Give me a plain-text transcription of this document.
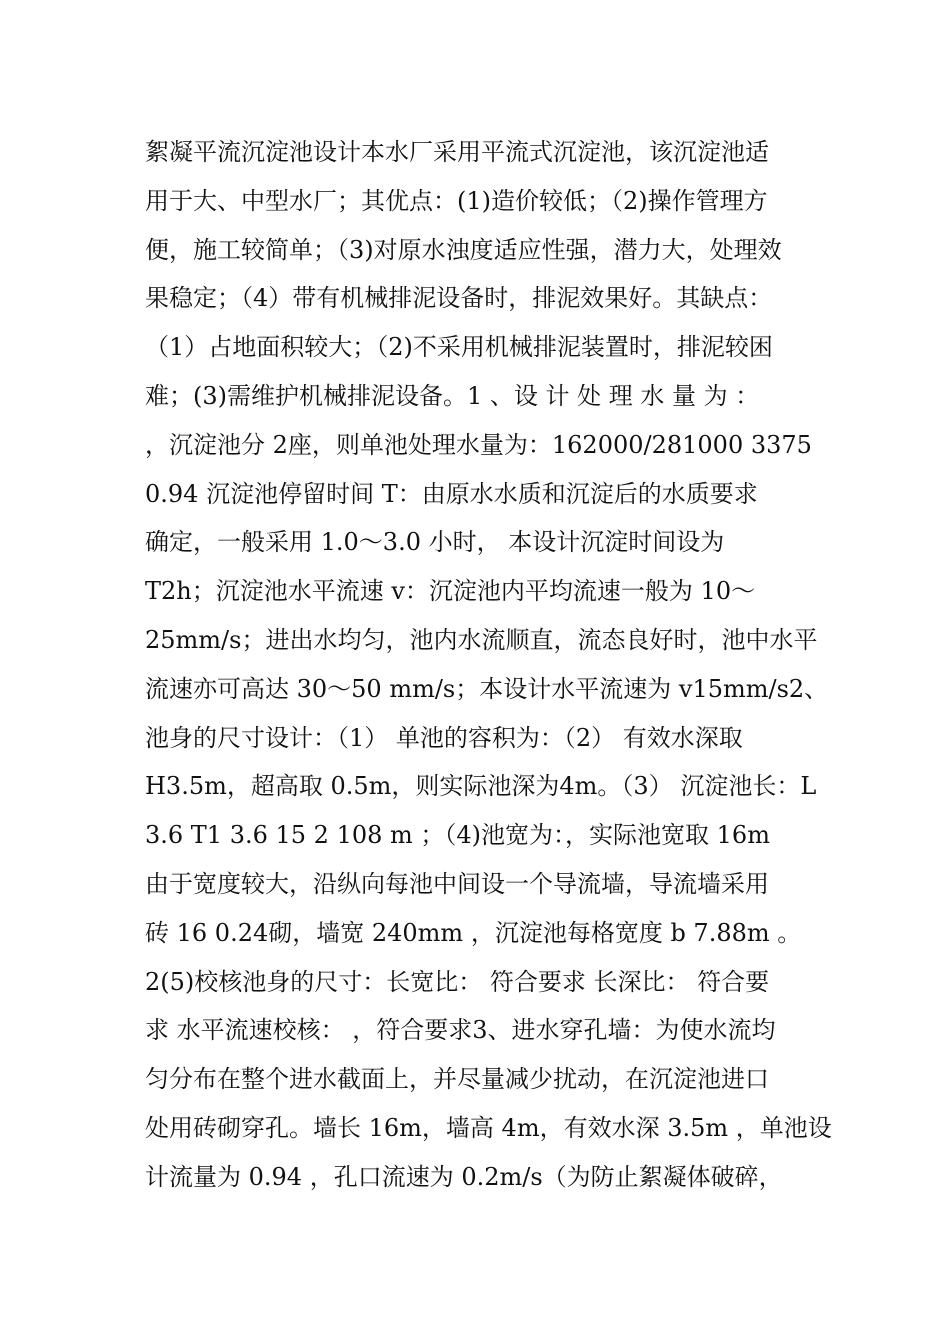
絮凝平流沉淀池设计本水厂采用平流式沉淀池，该沉淀池适
用于大、中型水厂；其优点：(1)造价较低；（2)操作管理方
便，施工较简单；（3)对原水浊度适应性强，潜力大，处理效
果稳定；（4）带有机械排泥设备时，排泥效果好。其缺点：
（1）占地面积较大；（2)不采用机械排泥装置时，排泥较困
难；(3)需维护机械排泥设备。1 、设 计 处 理 水 量 为 ：
，沉淀池分 2座，则单池处理水量为：162000/281000 3375
0.94 沉淀池停留时间 T：由原水水质和沉淀后的水质要求
确定，一般采用 1.0～3.0 小时， 本设计沉淀时间设为
T2h；沉淀池水平流速 v：沉淀池内平均流速一般为 10～
25mm/s；进出水均匀，池内水流顺直，流态良好时，池中水平
流速亦可高达 30～50 mm/s；本设计水平流速为 v15mm/s2、
池身的尺寸设计：（1） 单池的容积为：（2） 有效水深取
H3.5m，超高取 0.5m，则实际池深为4m。（3） 沉淀池长：L
3.6 T1 3.6 15 2 108 m ；（4)池宽为：，实际池宽取 16m
由于宽度较大，沿纵向每池中间设一个导流墙，导流墙采用
砖 16 0.24砌，墙宽 240mm ，沉淀池每格宽度 b 7.88m 。
2(5)校核池身的尺寸：长宽比： 符合要求 长深比： 符合要
求 水平流速校核： ，符合要求3、进水穿孔墙：为使水流均
匀分布在整个进水截面上，并尽量减少扰动，在沉淀池进口
处用砖砌穿孔。墙长 16m，墙高 4m，有效水深 3.5m ，单池设
计流量为 0.94 ，孔口流速为 0.2m/s（为防止絮凝体破碎，
